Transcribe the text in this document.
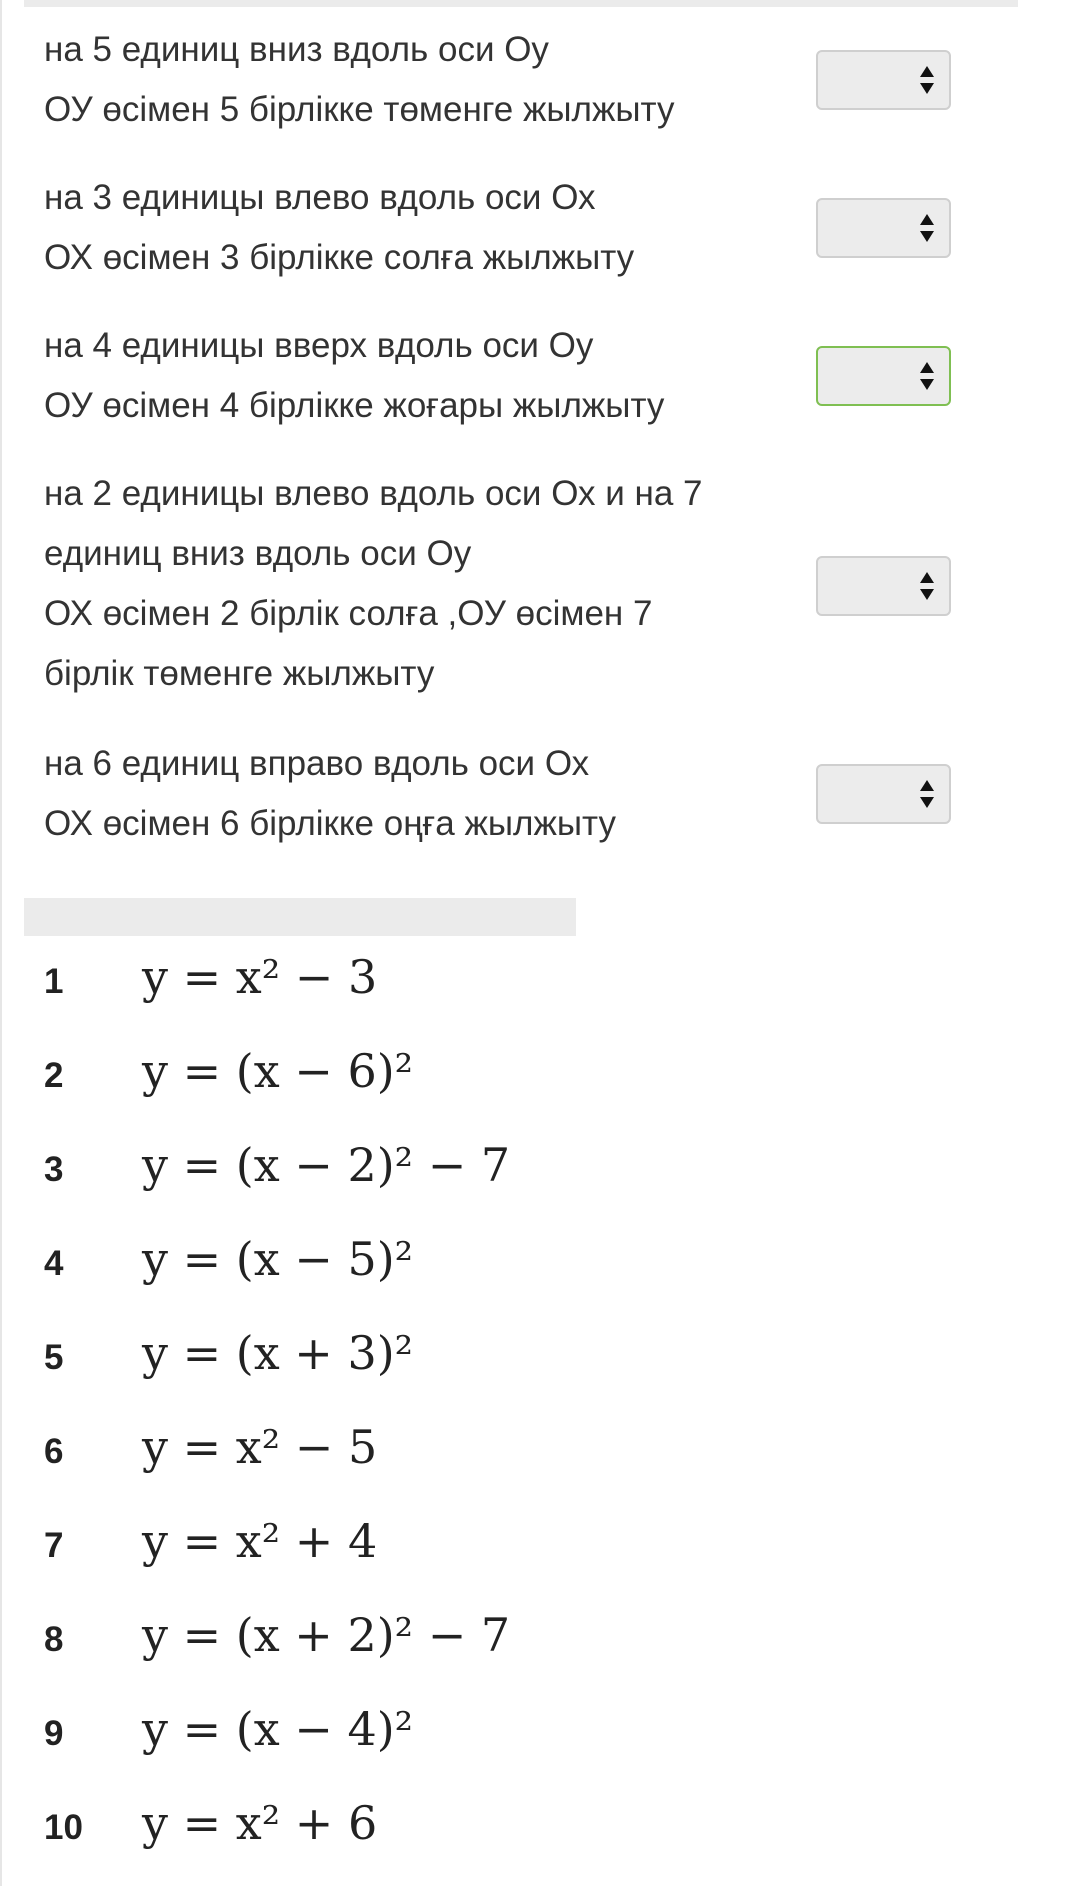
на 5 единиц вниз вдоль оси Оу
ОУ өсімен 5 бірлікке төменге жылжыту
на 3 единицы влево вдоль оси Ох
ОХ өсімен 3 бірлікке солға жылжыту
на 4 единицы вверх вдоль оси Оу
ОУ өсімен 4 бірлікке жоғары жылжыту
на 2 единицы влево вдоль оси Ох и на 7
единиц вниз вдоль оси Оу
ОХ өсімен 2 бірлік солға ,ОУ өсімен 7
бірлік төменге жылжыту
на 6 единиц вправо вдоль оси Ох
ОХ өсімен 6 бірлікке оңға жылжыту
1	y = x² − 3
2	y = (x − 6)²
3	y = (x − 2)² − 7
4	y = (x − 5)²
5	y = (x + 3)²
6	y = x² − 5
7	y = x² + 4
8	y = (x + 2)² − 7
9	y = (x − 4)²
10	y = x² + 6
